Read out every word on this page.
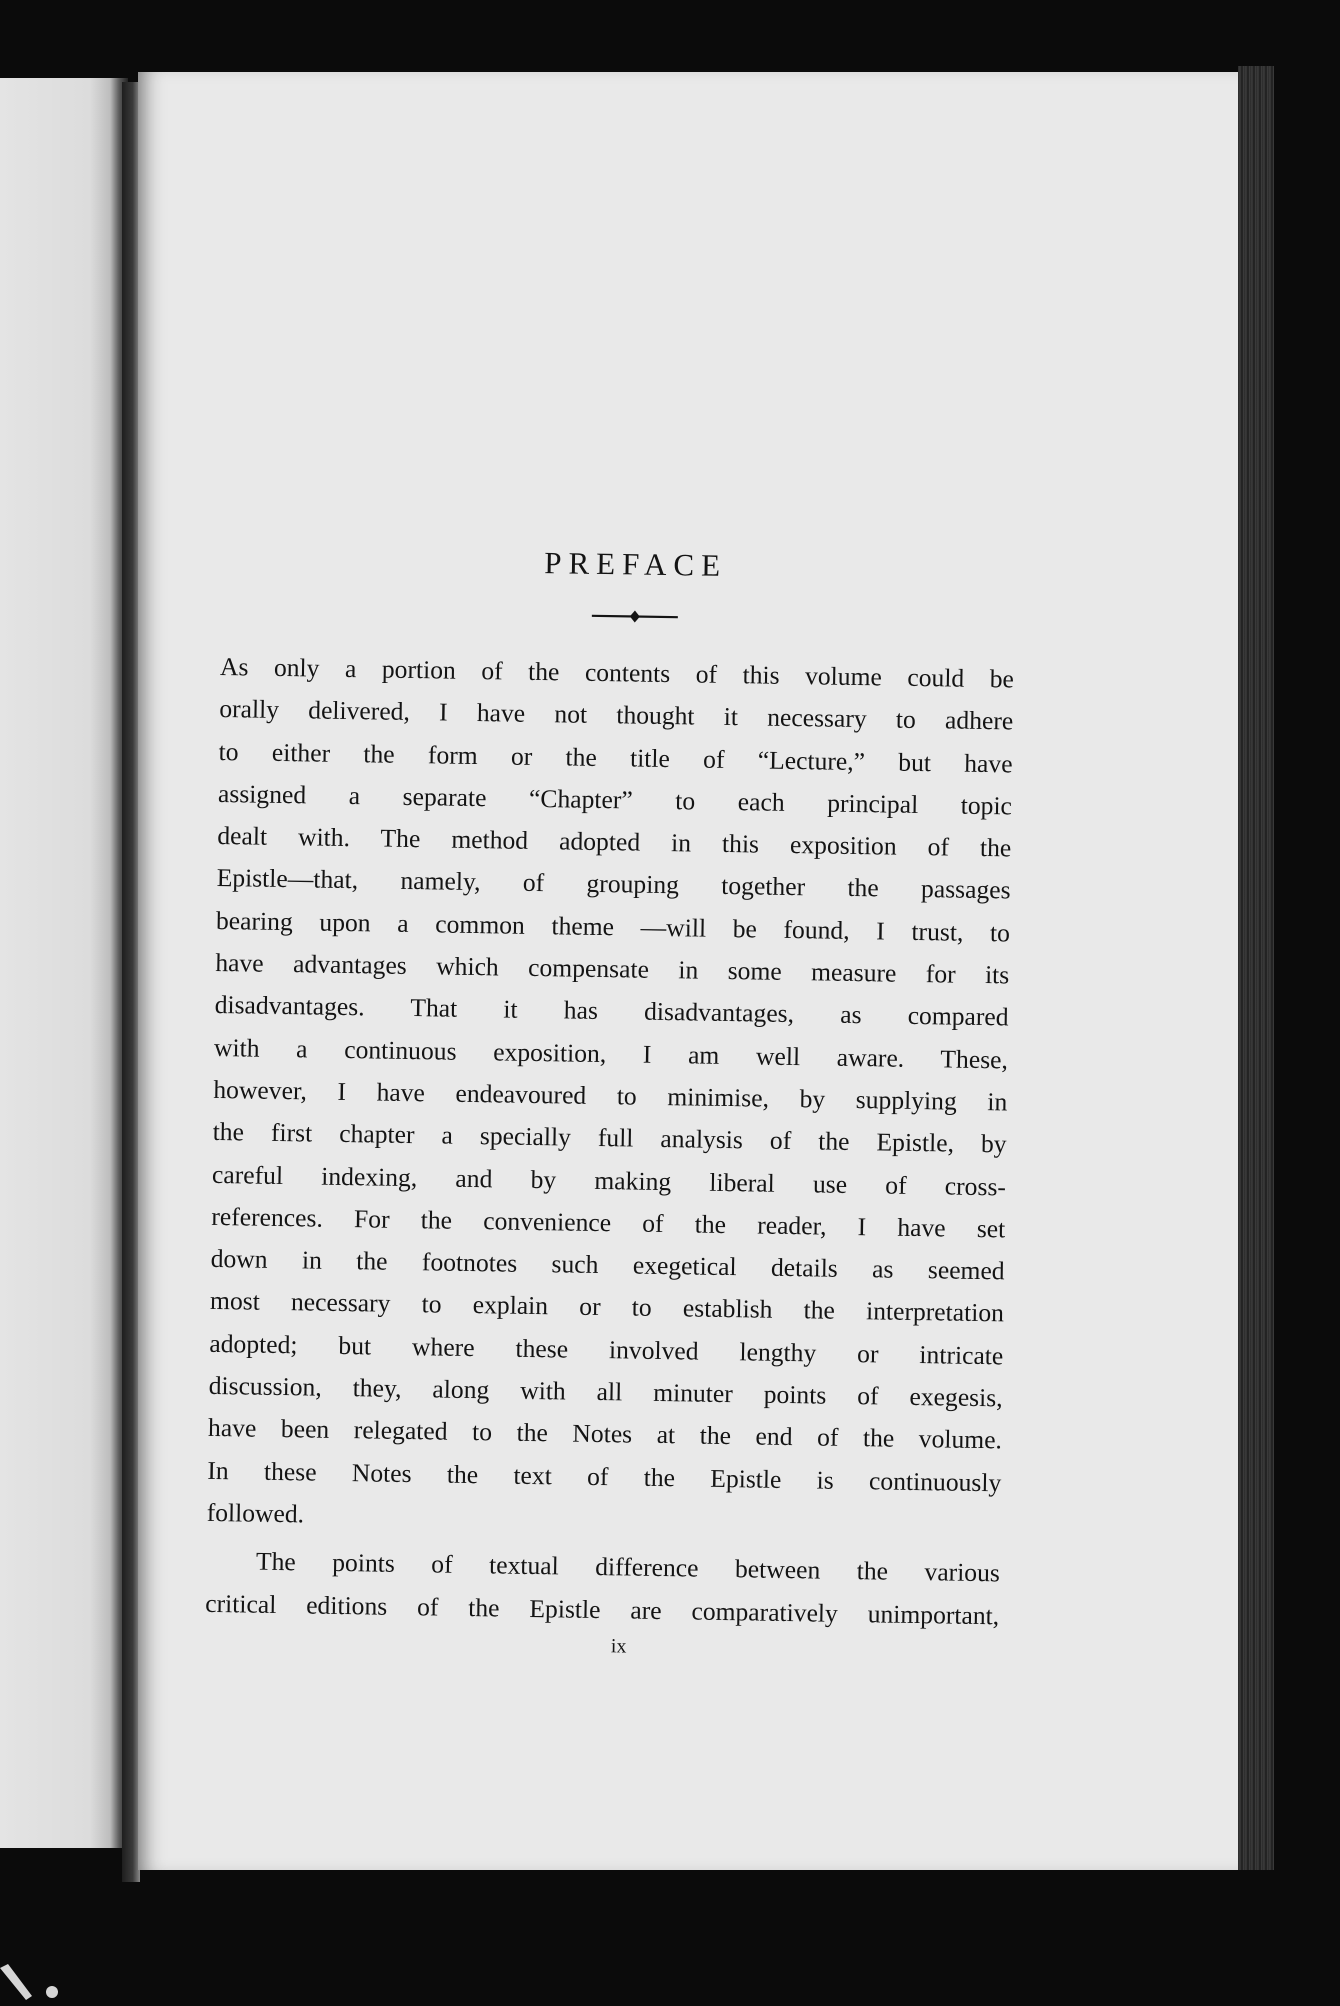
PREFACE

As only a portion of the contents of this volume could be
orally delivered, I have not thought it necessary to adhere
to either the form or the title of “Lecture,” but have
assigned a separate “Chapter” to each principal topic
dealt with. The method adopted in this exposition of the
Epistle—that, namely, of grouping together the passages
bearing upon a common theme —will be found, I trust, to
have advantages which compensate in some measure for its
disadvantages. That it has disadvantages, as compared
with a continuous exposition, I am well aware. These,
however, I have endeavoured to minimise, by supplying in
the first chapter a specially full analysis of the Epistle, by
careful indexing, and by making liberal use of cross-
references. For the convenience of the reader, I have set
down in the footnotes such exegetical details as seemed
most necessary to explain or to establish the interpretation
adopted; but where these involved lengthy or intricate
discussion, they, along with all minuter points of exegesis,
have been relegated to the Notes at the end of the volume.
In these Notes the text of the Epistle is continuously
followed.

The points of textual difference between the various
critical editions of the Epistle are comparatively unimportant,

ix
